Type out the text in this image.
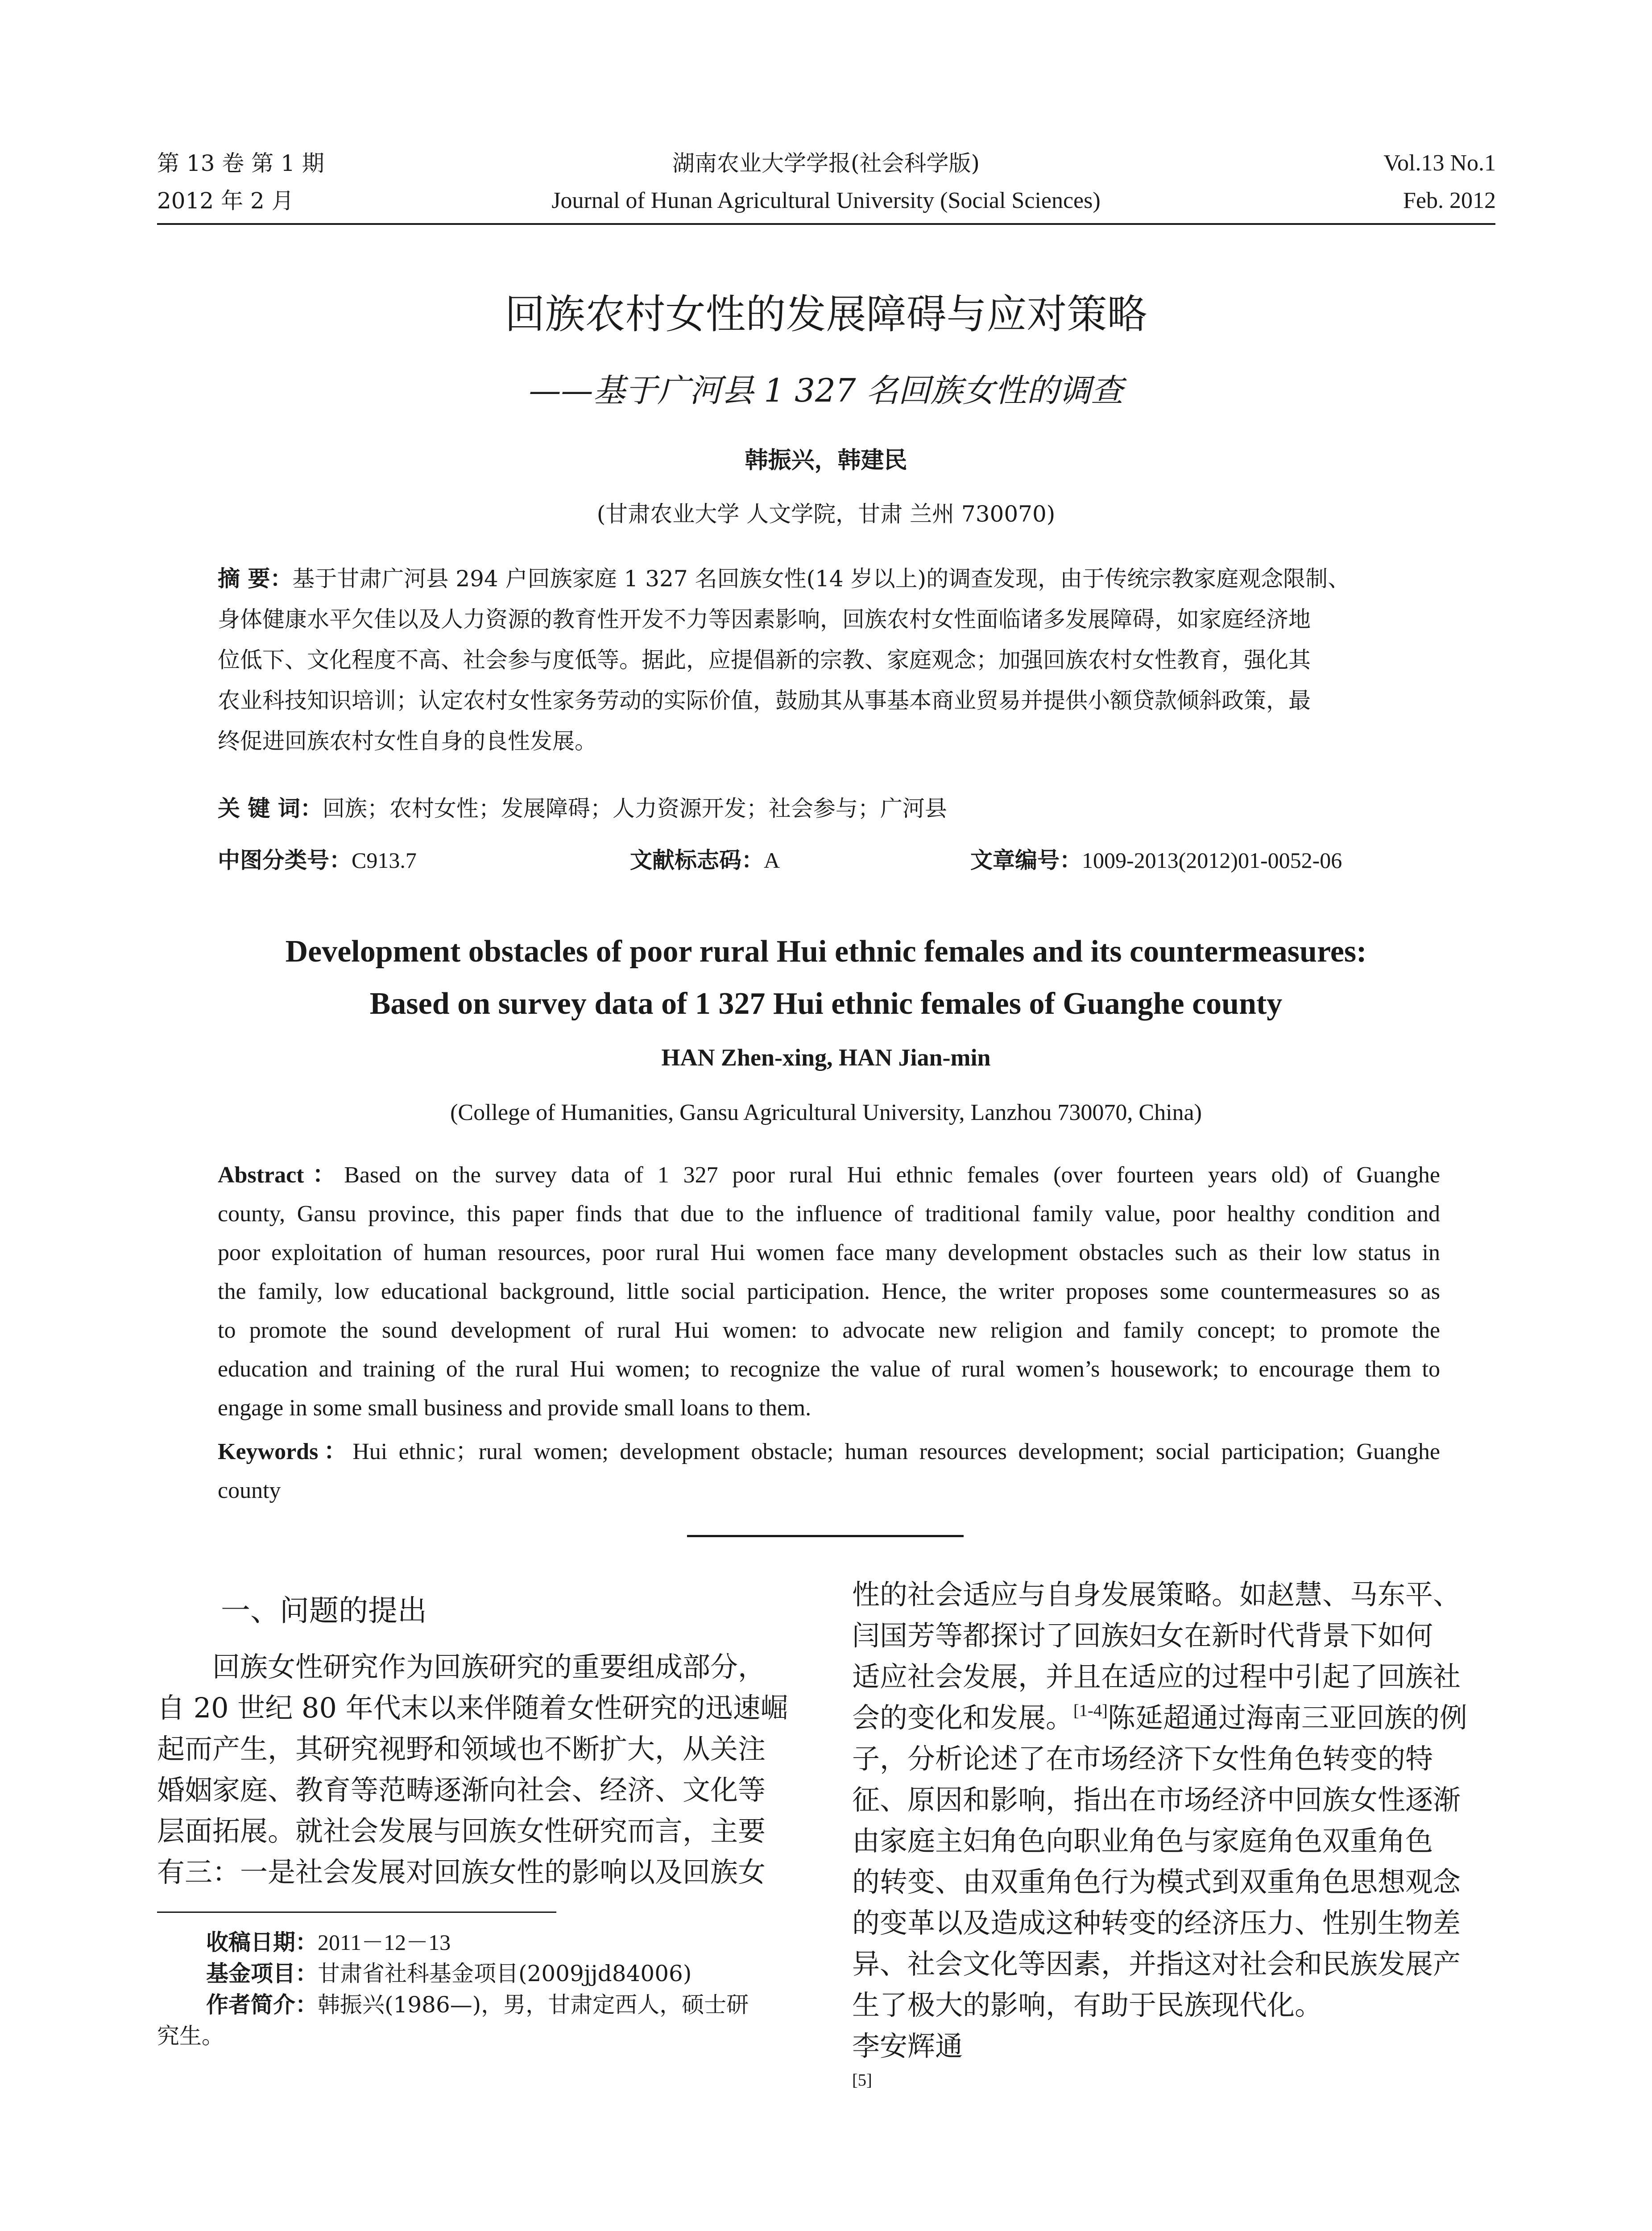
第 13 卷 第 1 期
2012 年 2 月
湖南农业大学学报(社会科学版)
Journal of Hunan Agricultural University (Social Sciences)
Vol.13 No.1
Feb. 2012
回族农村女性的发展障碍与应对策略
——基于广河县 1 327 名回族女性的调查
韩振兴，韩建民
(甘肃农业大学 人文学院，甘肃 兰州 730070)
摘 要：基于甘肃广河县 294 户回族家庭 1 327 名回族女性(14 岁以上)的调查发现，由于传统宗教家庭观念限制、
身体健康水平欠佳以及人力资源的教育性开发不力等因素影响，回族农村女性面临诸多发展障碍，如家庭经济地
位低下、文化程度不高、社会参与度低等。据此，应提倡新的宗教、家庭观念；加强回族农村女性教育，强化其
农业科技知识培训；认定农村女性家务劳动的实际价值，鼓励其从事基本商业贸易并提供小额贷款倾斜政策，最
终促进回族农村女性自身的良性发展。
关 键 词：回族；农村女性；发展障碍；人力资源开发；社会参与；广河县
中图分类号：C913.7	文献标志码：A	文章编号：1009-2013(2012)01-0052-06
Development obstacles of poor rural Hui ethnic females and its countermeasures:
Based on survey data of 1 327 Hui ethnic females of Guanghe county
HAN Zhen-xing, HAN Jian-min
(College of Humanities, Gansu Agricultural University, Lanzhou 730070, China)
Abstract：Based on the survey data of 1 327 poor rural Hui ethnic females (over fourteen years old) of Guanghe
county, Gansu province, this paper finds that due to the influence of traditional family value, poor healthy condition and
poor exploitation of human resources, poor rural Hui women face many development obstacles such as their low status in
the family, low educational background, little social participation. Hence, the writer proposes some countermeasures so as
to promote the sound development of rural Hui women: to advocate new religion and family concept; to promote the
education and training of the rural Hui women; to recognize the value of rural women’s housework; to encourage them to
engage in some small business and provide small loans to them.
Keywords：Hui ethnic；rural women; development obstacle; human resources development; social participation; Guanghe
county
一、问题的提出
回族女性研究作为回族研究的重要组成部分，
自 20 世纪 80 年代末以来伴随着女性研究的迅速崛
起而产生，其研究视野和领域也不断扩大，从关注
婚姻家庭、教育等范畴逐渐向社会、经济、文化等
层面拓展。就社会发展与回族女性研究而言，主要
有三：一是社会发展对回族女性的影响以及回族女
收稿日期：2011－12－13
基金项目：甘肃省社科基金项目(2009jjd84006)
作者简介：韩振兴(1986—)，男，甘肃定西人，硕士研
究生。
性的社会适应与自身发展策略。如赵慧、马东平、
闫国芳等都探讨了回族妇女在新时代背景下如何
适应社会发展，并且在适应的过程中引起了回族社
会的变化和发展。[1-4]陈延超通过海南三亚回族的例
子，分析论述了在市场经济下女性角色转变的特
征、原因和影响，指出在市场经济中回族女性逐渐
由家庭主妇角色向职业角色与家庭角色双重角色
的转变、由双重角色行为模式到双重角色思想观念
的变革以及造成这种转变的经济压力、性别生物差
异、社会文化等因素，并指这对社会和民族发展产
生了极大的影响，有助于民族现代化。
李安辉通
[5]
